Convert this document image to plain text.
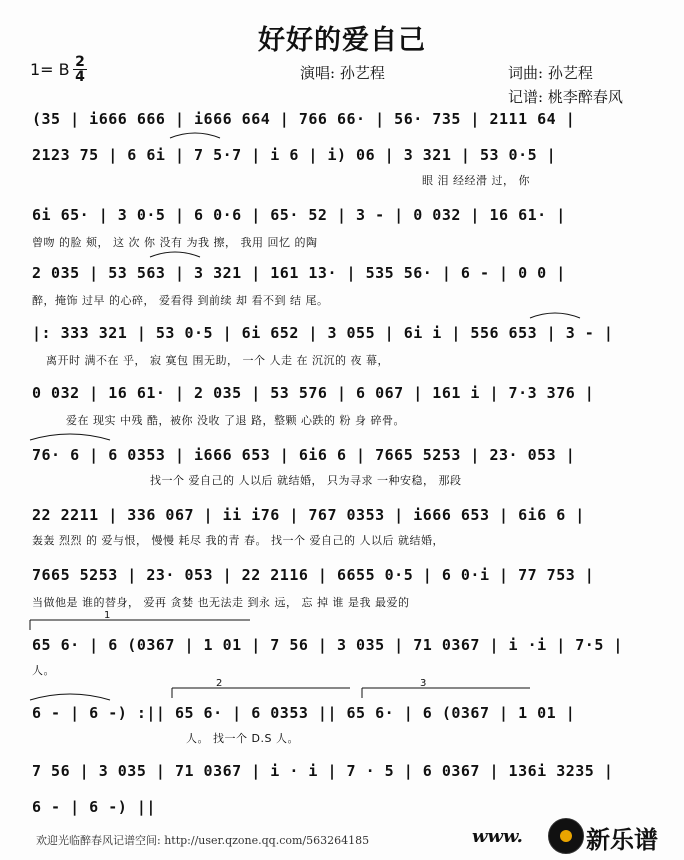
好好的爱自己
1= B 2
4	演唱: 孙艺程	词曲: 孙艺程
记谱: 桃李醉春风
(35 | i666 666 | i666 664 | 766 66· | 56· 735 | 2111 64 |
2123 75 | 6 6i | 7 5·7 | i 6 | i) 06 | 3 321 | 53 0·5 |
眼 泪 经经滑 过， 你
6i 65· | 3 0·5 | 6 0·6 | 65· 52 | 3 - | 0 032 | 16 61· |
曾吻 的脸 颊， 这 次 你 没有 为我 擦， 我用 回忆 的陶
2 035 | 53 563 | 3 321 | 161 13· | 535 56· | 6 - | 0 0 |
醉，掩饰 过早 的心碎， 爱看得 到前续 却 看不到 结 尾。
|: 333 321 | 53 0·5 | 6i 652 | 3 055 | 6i i | 556 653 | 3 - |
离开时 满不在 乎， 寂 寞包 围无助， 一个 人走 在 沉沉的 夜 幕，
0 032 | 16 61· | 2 035 | 53 576 | 6 067 | 161 i | 7·3 376 |
爱在 现实 中残 酷，被你 没收 了退 路，整颗 心跌的 粉 身 碎骨。
76· 6 | 6 0353 | i666 653 | 6i6 6 | 7665 5253 | 23· 053 |
找一个 爱自己的 人以后 就结婚， 只为寻求 一种安稳， 那段
22 2211 | 336 067 | ii i76 | 767 0353 | i666 653 | 6i6 6 |
轰轰 烈烈 的 爱与恨， 慢慢 耗尽 我的青 春。 找一个 爱自己的 人以后 就结婚，
7665 5253 | 23· 053 | 22 2116 | 6655 0·5 | 6 0·i | 77 753 |
当做他是 谁的替身， 爱再 贪婪 也无法走 到永 远， 忘 掉 谁 是我 最爱的
65 6· | 6 (0367 | 1 01 | 7 56 | 3 035 | 71 0367 | i ·i | 7·5 |
人。
6 - | 6 -) :|| 65 6· | 6 0353 || 65 6· | 6 (0367 | 1 01 |
人。 找一个 D.S 人。
7 56 | 3 035 | 71 0367 | i · i | 7 · 5 | 6 0367 | 136i 3235 |
6 - | 6 -) ||
1
2	3
欢迎光临醉春风记谱空间: http://user.qzone.qq.com/563264185	www.	新乐谱
